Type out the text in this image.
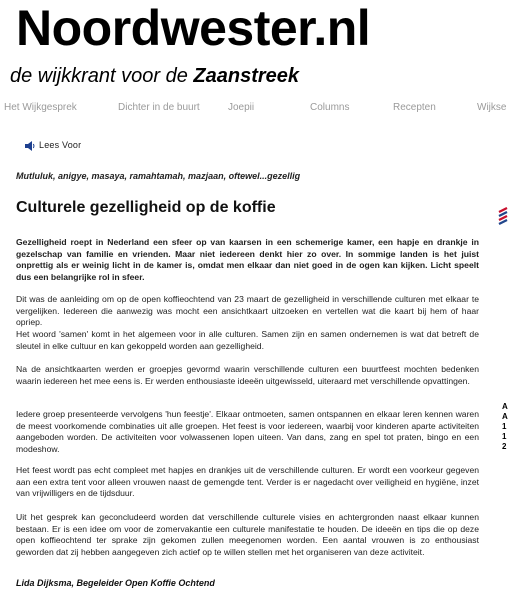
Noordwester.nl
de wijkkrant voor de Zaanstreek
Het Wijkgesprek	Dichter in de buurt	Joepii	Columns	Recepten	Wijkse
Lees Voor
Mutluluk, anigye, masaya, ramahtamah, mazjaan, oftewel...gezellig
Culturele gezelligheid op de koffie
Gezelligheid roept in Nederland een sfeer op van kaarsen in een schemerige kamer, een hapje en drankje in gezelschap van familie en vrienden. Maar niet iedereen denkt hier zo over. In sommige landen is het juist onprettig als er weinig licht in de kamer is, omdat men elkaar dan niet goed in de ogen kan kijken. Licht speelt dus een belangrijke rol in sfeer.
Dit was de aanleiding om op de open koffieochtend van 23 maart de gezelligheid in verschillende culturen met elkaar te vergelijken. Iedereen die aanwezig was mocht een ansichtkaart uitzoeken en vertellen wat die kaart bij hem of haar opriep.
Het woord 'samen' komt in het algemeen voor in alle culturen. Samen zijn en samen ondernemen is wat dat betreft de sleutel in elke cultuur en kan gekoppeld worden aan gezelligheid.
Na de ansichtkaarten werden er groepjes gevormd waarin verschillende culturen een buurtfeest mochten bedenken waarin iedereen het mee eens is. Er werden enthousiaste ideeën uitgewisseld, uiteraard met verschillende opvattingen.
Iedere groep presenteerde vervolgens 'hun feestje'. Elkaar ontmoeten, samen ontspannen en elkaar leren kennen waren de meest voorkomende combinaties uit alle groepen. Het feest is voor iedereen, waarbij voor kinderen aparte activiteiten aangeboden worden. De activiteiten voor volwassenen lopen uiteen. Van dans, zang en spel tot praten, bingo en een modeshow.
Het feest wordt pas echt compleet met hapjes en drankjes uit de verschillende culturen. Er wordt een voorkeur gegeven aan een extra tent voor alleen vrouwen naast de gemengde tent. Verder is er nagedacht over veiligheid en hygiëne, inzet van vrijwilligers en de tijdsduur.
Uit het gesprek kan geconcludeerd worden dat verschillende culturele visies en achtergronden naast elkaar kunnen bestaan. Er is een idee om voor de zomervakantie een culturele manifestatie te houden. De ideeën en tips die op deze open koffieochtend ter sprake zijn gekomen zullen meegenomen worden. Een aantal vrouwen is zo enthousiast geworden dat zij hebben aangegeven zich actief op te willen stellen met het organiseren van deze activiteit.
Lida Dijksma, Begeleider Open Koffie Ochtend
A A 1 1 2
